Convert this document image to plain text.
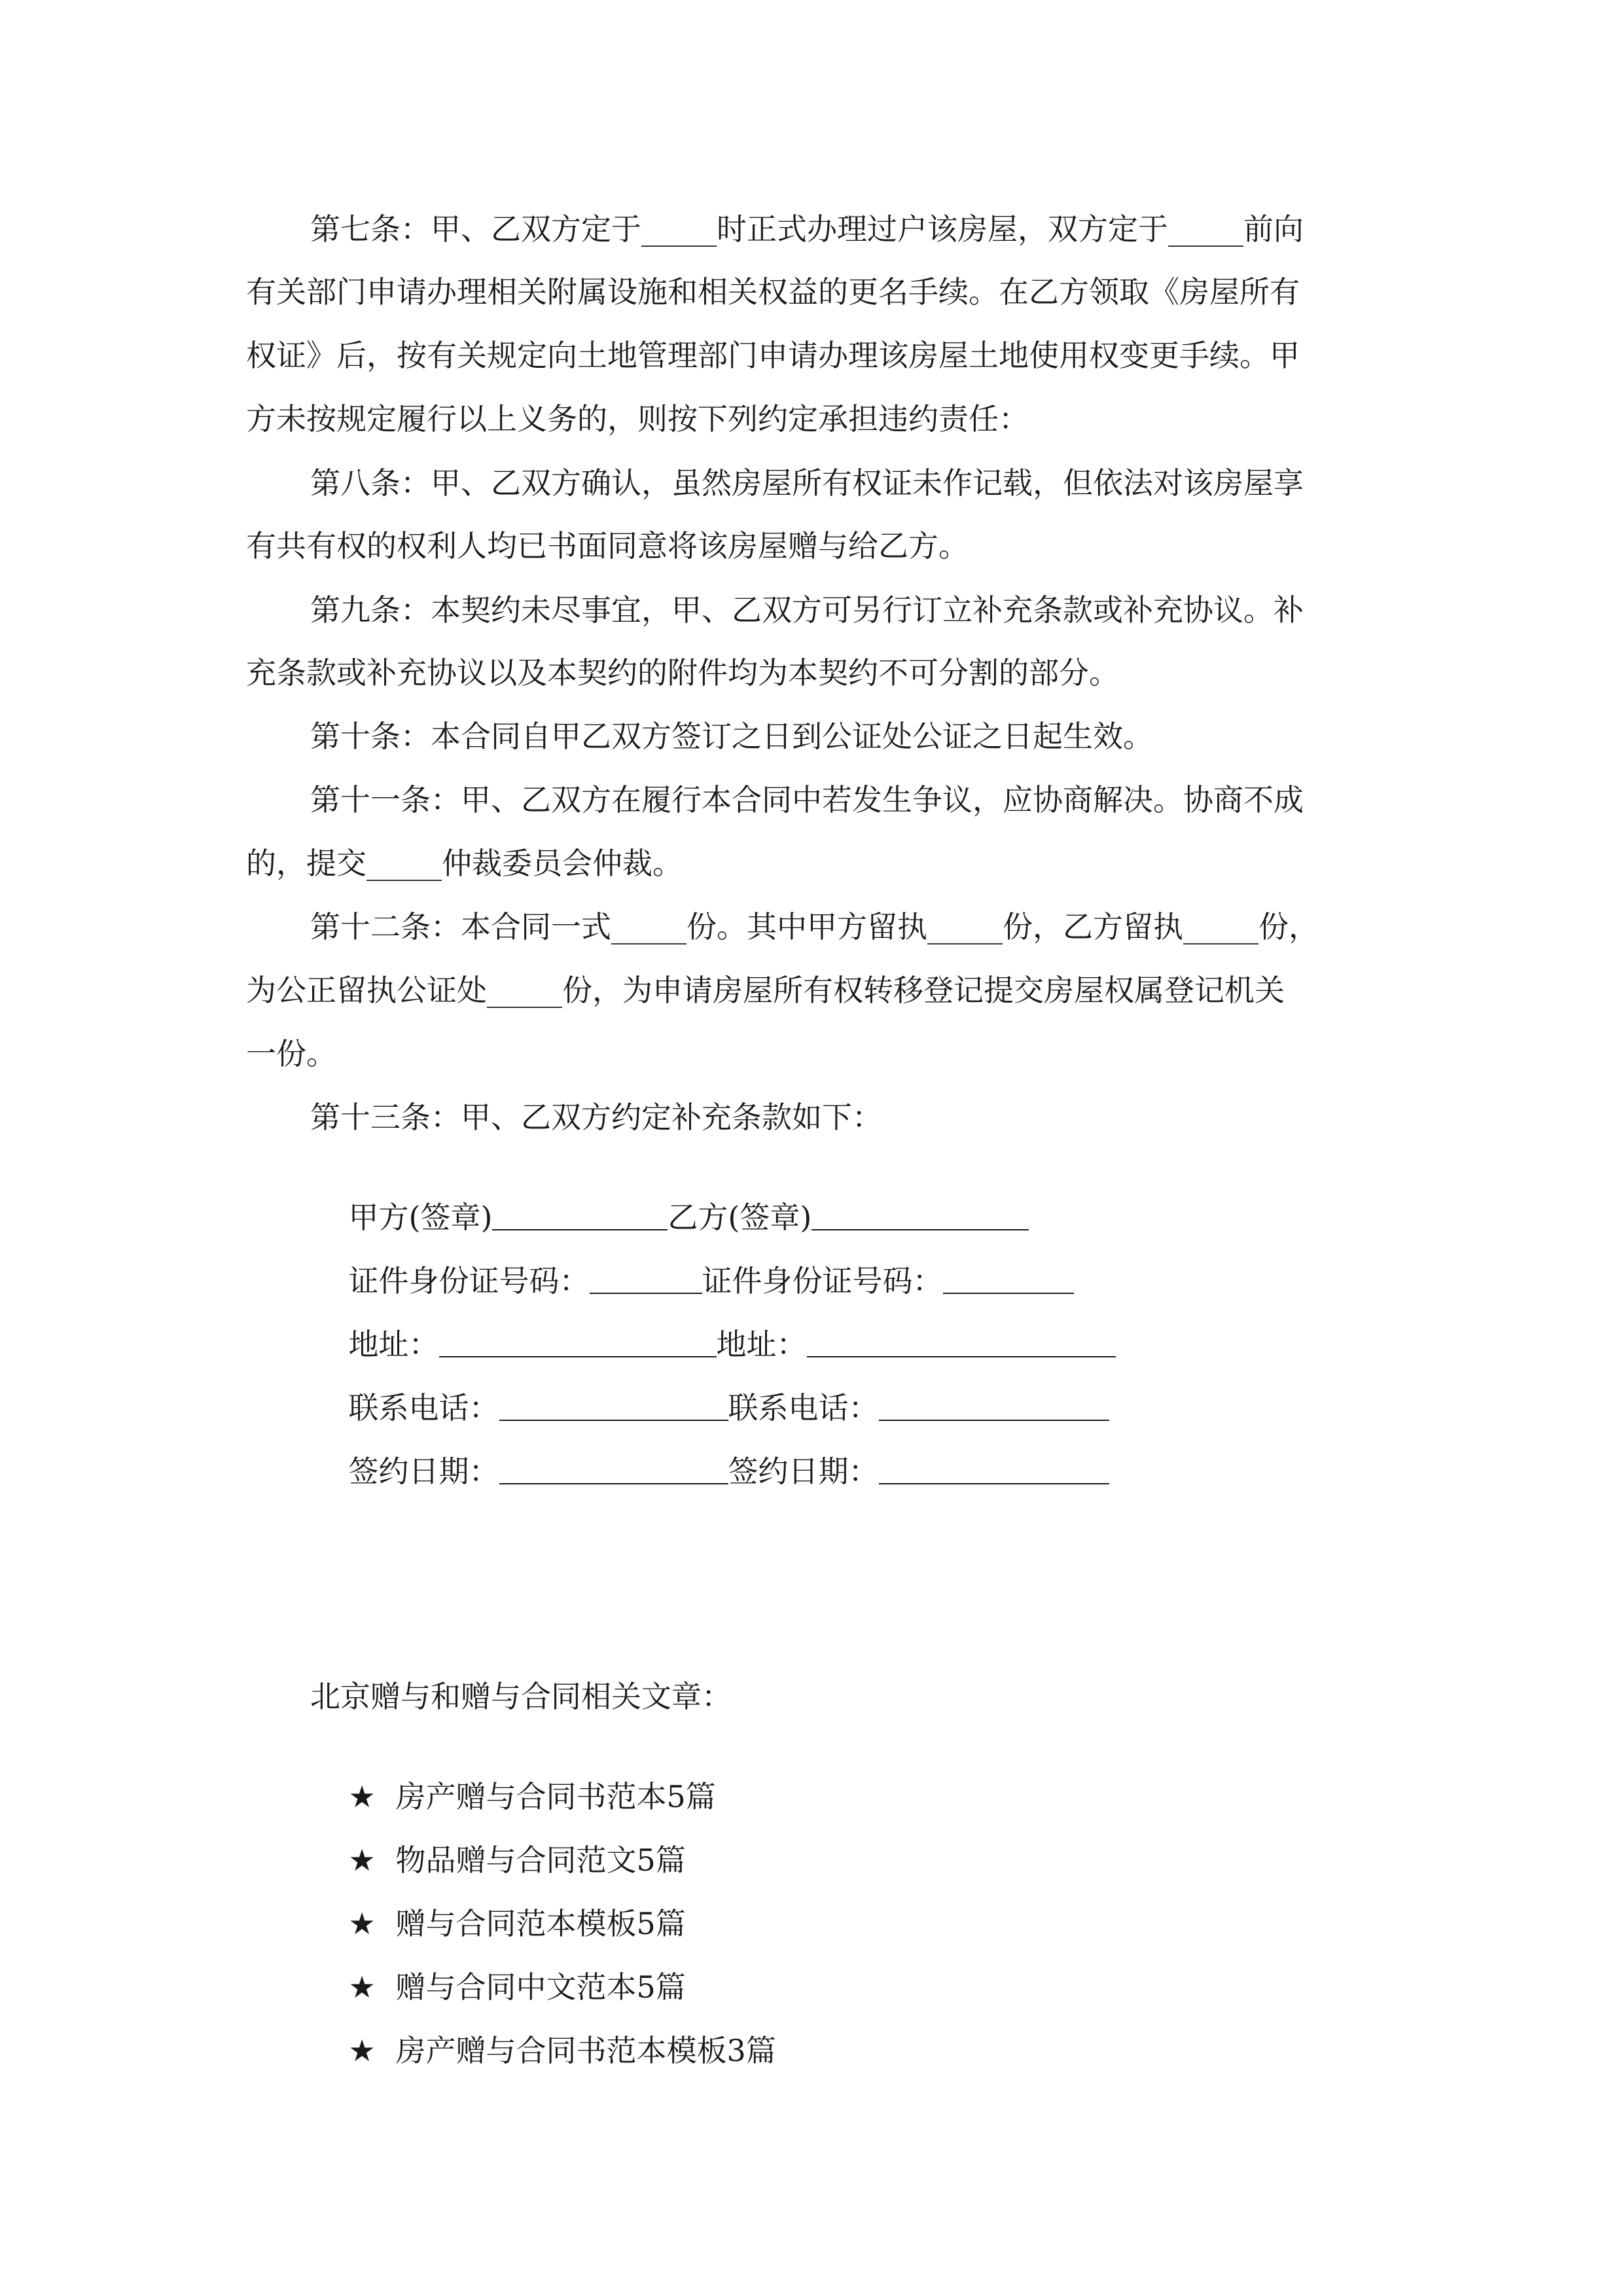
第七条：甲、乙双方定于_____时正式办理过户该房屋，双方定于_____前向
有关部门申请办理相关附属设施和相关权益的更名手续。在乙方领取《房屋所有
权证》后，按有关规定向土地管理部门申请办理该房屋土地使用权变更手续。甲
方未按规定履行以上义务的，则按下列约定承担违约责任：
第八条：甲、乙双方确认，虽然房屋所有权证未作记载，但依法对该房屋享
有共有权的权利人均已书面同意将该房屋赠与给乙方。
第九条：本契约未尽事宜，甲、乙双方可另行订立补充条款或补充协议。补
充条款或补充协议以及本契约的附件均为本契约不可分割的部分。
第十条：本合同自甲乙双方签订之日到公证处公证之日起生效。
第十一条：甲、乙双方在履行本合同中若发生争议，应协商解决。协商不成
的，提交_____仲裁委员会仲裁。
第十二条：本合同一式_____份。其中甲方留执_____份，乙方留执_____份，
为公正留执公证处_____份，为申请房屋所有权转移登记提交房屋权属登记机关
一份。
第十三条：甲、乙双方约定补充条款如下：

甲方(签章)	乙方(签章)

证件身份证号码：	证件身份证号码：

地址：	地址：

联系电话：	联系电话：

签约日期：	签约日期：

北京赠与和赠与合同相关文章：

★ 房产赠与合同书范本5篇

★ 物品赠与合同范文5篇

★ 赠与合同范本模板5篇

★ 赠与合同中文范本5篇

★ 房产赠与合同书范本模板3篇
